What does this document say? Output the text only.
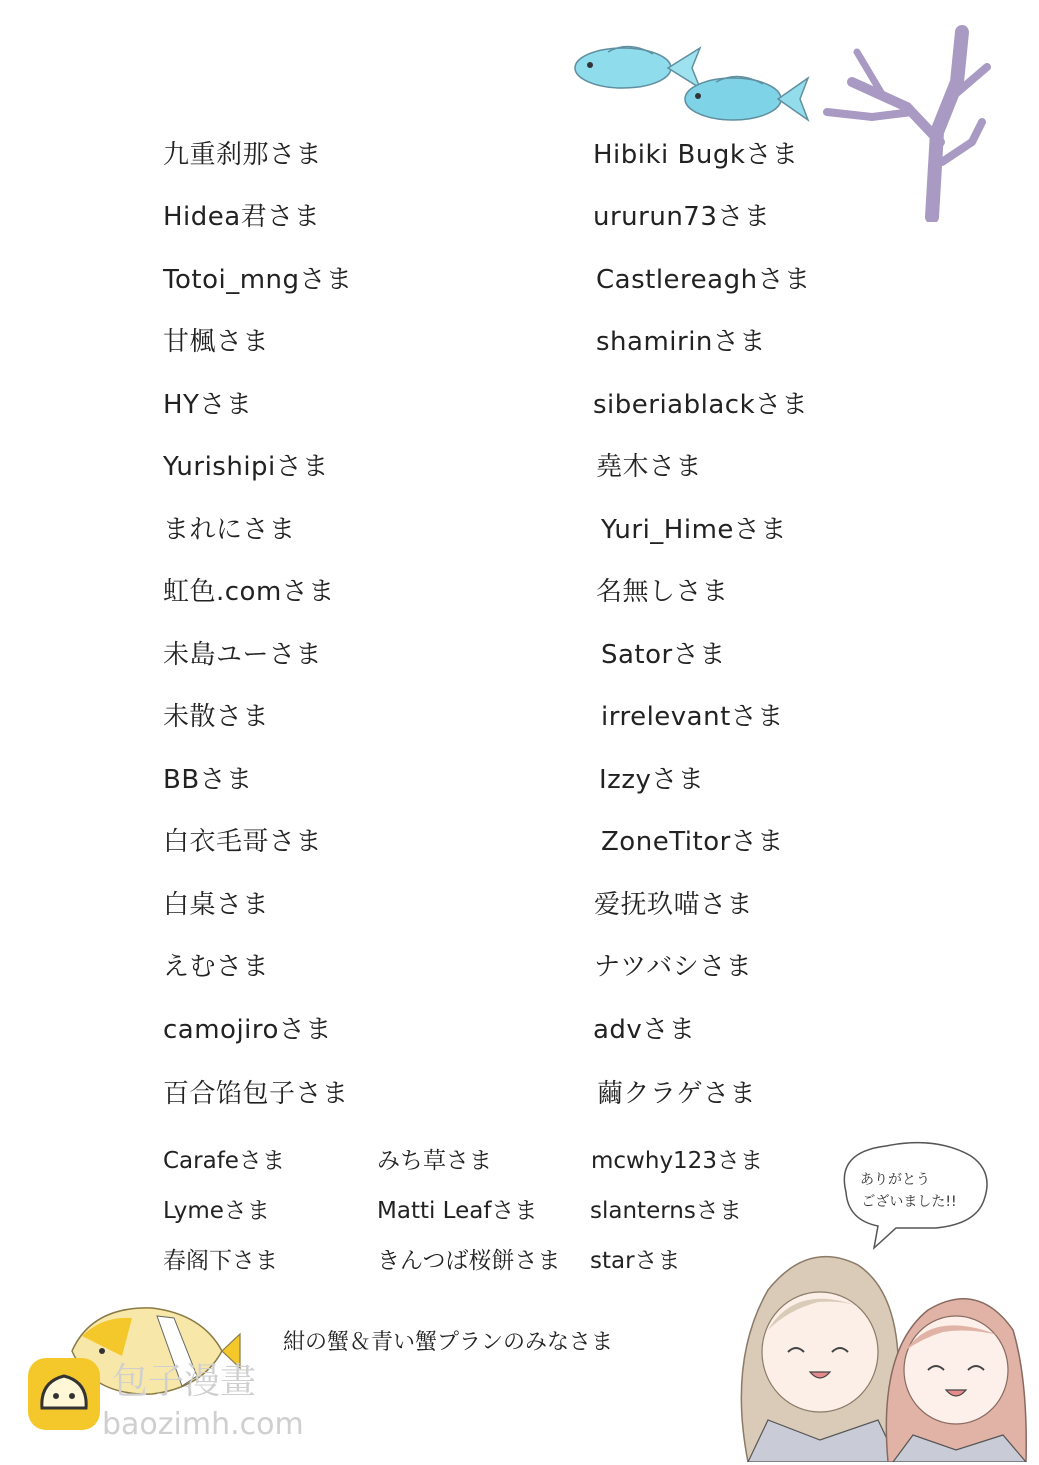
九重刹那さま
Hidea君さま
Totoi_mngさま
甘楓さま
HYさま
Yurishipiさま
まれにさま
虹色.comさま
未島ユーさま
未散さま
BBさま
白衣毛哥さま
白桌さま
えむさま
camojiroさま
百合馅包子さま
Hibiki Bugkさま
ururun73さま
Castlereaghさま
shamirinさま
siberiablackさま
堯木さま
Yuri_Himeさま
名無しさま
Satorさま
irrelevantさま
Izzyさま
ZoneTitorさま
爱抚玖喵さま
ナツバシさま
advさま
繭クラゲさま
Carafeさま	みち草さま	mcwhy123さま
Lymeさま	Matti Leafさま slanternsさま
春阁下さま	きんつば桜餅さま starさま
紺の蟹＆青い蟹プランのみなさま
ありがとう
ございました!!
包子漫畫
baozimh.com
